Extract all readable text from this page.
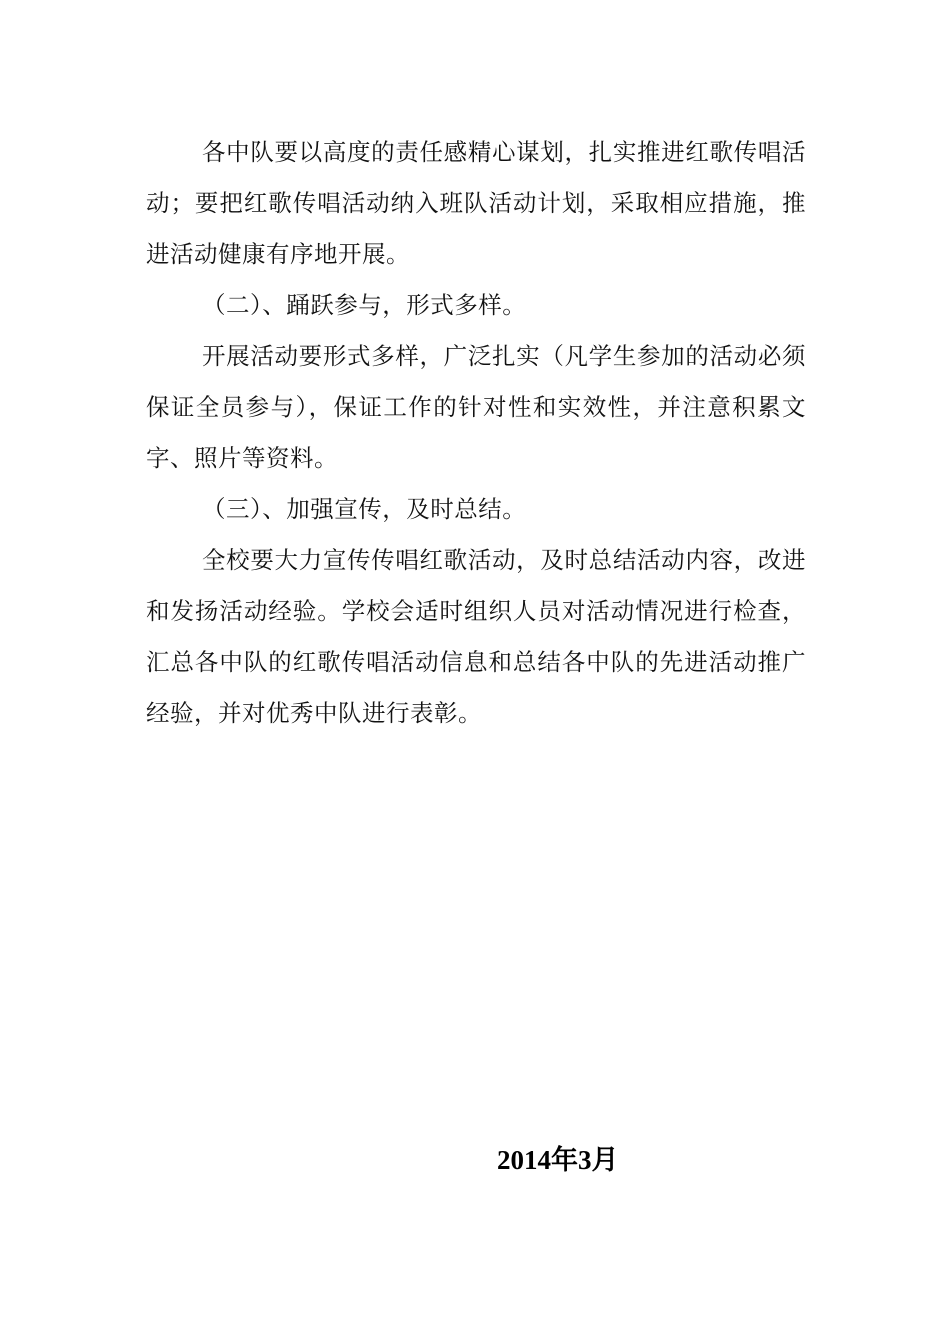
各中队要以高度的责任感精心谋划，扎实推进红歌传唱活动；要把红歌传唱活动纳入班队活动计划，采取相应措施，推进活动健康有序地开展。

（二）、踊跃参与，形式多样。

开展活动要形式多样，广泛扎实（凡学生参加的活动必须保证全员参与），保证工作的针对性和实效性，并注意积累文字、照片等资料。

（三）、加强宣传，及时总结。

全校要大力宣传传唱红歌活动，及时总结活动内容，改进和发扬活动经验。学校会适时组织人员对活动情况进行检查，汇总各中队的红歌传唱活动信息和总结各中队的先进活动推广经验，并对优秀中队进行表彰。

2014年3月
